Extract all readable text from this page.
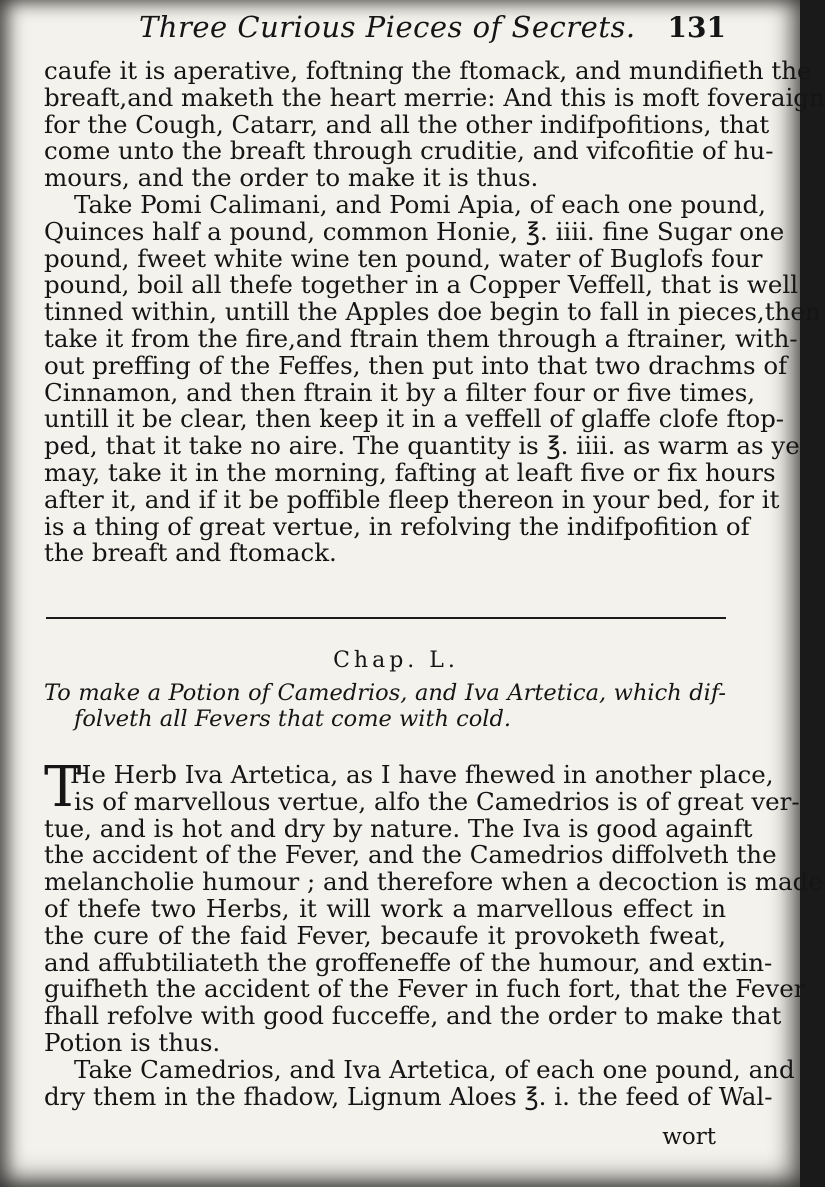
Three Curious Pieces of Secrets. 131
caufe it is aperative, foftning the ftomack, and mundifieth the
breaft,and maketh the heart merrie: And this is moft foveraign
for the Cough, Catarr, and all the other indifpofitions, that
come unto the breaft through cruditie, and vifcofitie of hu-
mours, and the order to make it is thus.
Take Pomi Calimani, and Pomi Apia, of each one pound,
Quinces half a pound, common Honie, ℥. iiii. fine Sugar one
pound, fweet white wine ten pound, water of Buglofs four
pound, boil all thefe together in a Copper Veffell, that is well
tinned within, untill the Apples doe begin to fall in pieces,then
take it from the fire,and ftrain them through a ftrainer, with-
out preffing of the Feffes, then put into that two drachms of
Cinnamon, and then ftrain it by a filter four or five times,
untill it be clear, then keep it in a veffell of glaffe clofe ftop-
ped, that it take no aire. The quantity is ℥. iiii. as warm as ye
may, take it in the morning, fafting at leaft five or fix hours
after it, and if it be poffible fleep thereon in your bed, for it
is a thing of great vertue, in refolving the indifpofition of
the breaft and ftomack.
Chap. L.
To make a Potion of Camedrios, and Iva Artetica, which dif-
folveth all Fevers that come with cold.
T
He Herb Iva Artetica, as I have fhewed in another place,
is of marvellous vertue, alfo the Camedrios is of great ver-
tue, and is hot and dry by nature. The Iva is good againft
the accident of the Fever, and the Camedrios diffolveth the
melancholie humour ; and therefore when a decoction is made
of thefe two Herbs, it will work a marvellous effect in
the cure of the faid Fever, becaufe it provoketh fweat,
and affubtiliateth the groffeneffe of the humour, and extin-
guifheth the accident of the Fever in fuch fort, that the Fever
fhall refolve with good fucceffe, and the order to make that
Potion is thus.
Take Camedrios, and Iva Artetica, of each one pound, and
dry them in the fhadow, Lignum Aloes ℥. i. the feed of Wal-
wort
